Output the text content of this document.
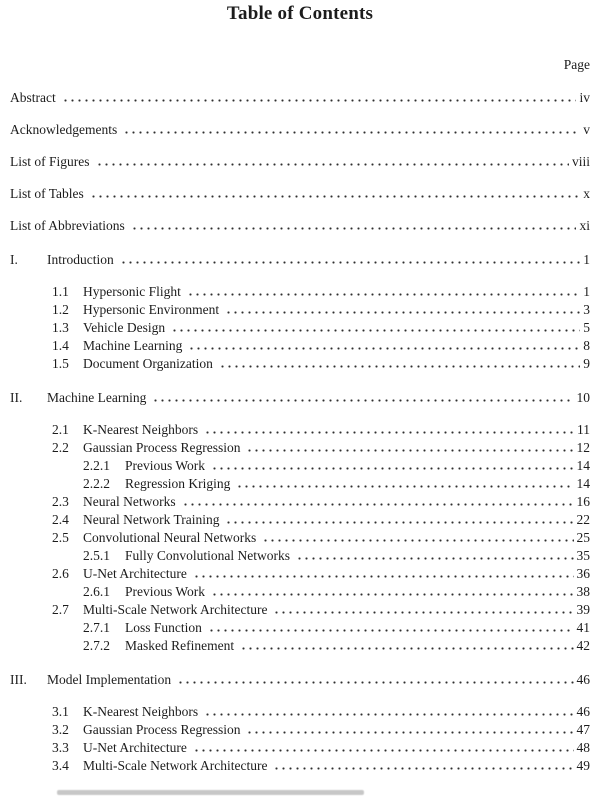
Table of Contents
Page
Abstract	iv
Acknowledgements	v
List of Figures	viii
List of Tables	x
List of Abbreviations	xi
I.	Introduction	1
1.1	Hypersonic Flight	1
1.2	Hypersonic Environment	3
1.3	Vehicle Design	5
1.4	Machine Learning	8
1.5	Document Organization	9
II.	Machine Learning	10
2.1	K-Nearest Neighbors	11
2.2	Gaussian Process Regression	12
2.2.1	Previous Work	14
2.2.2	Regression Kriging	14
2.3	Neural Networks	16
2.4	Neural Network Training	22
2.5	Convolutional Neural Networks	25
2.5.1	Fully Convolutional Networks	35
2.6	U-Net Architecture	36
2.6.1	Previous Work	38
2.7	Multi-Scale Network Architecture	39
2.7.1	Loss Function	41
2.7.2	Masked Refinement	42
III.	Model Implementation	46
3.1	K-Nearest Neighbors	46
3.2	Gaussian Process Regression	47
3.3	U-Net Architecture	48
3.4	Multi-Scale Network Architecture	49
